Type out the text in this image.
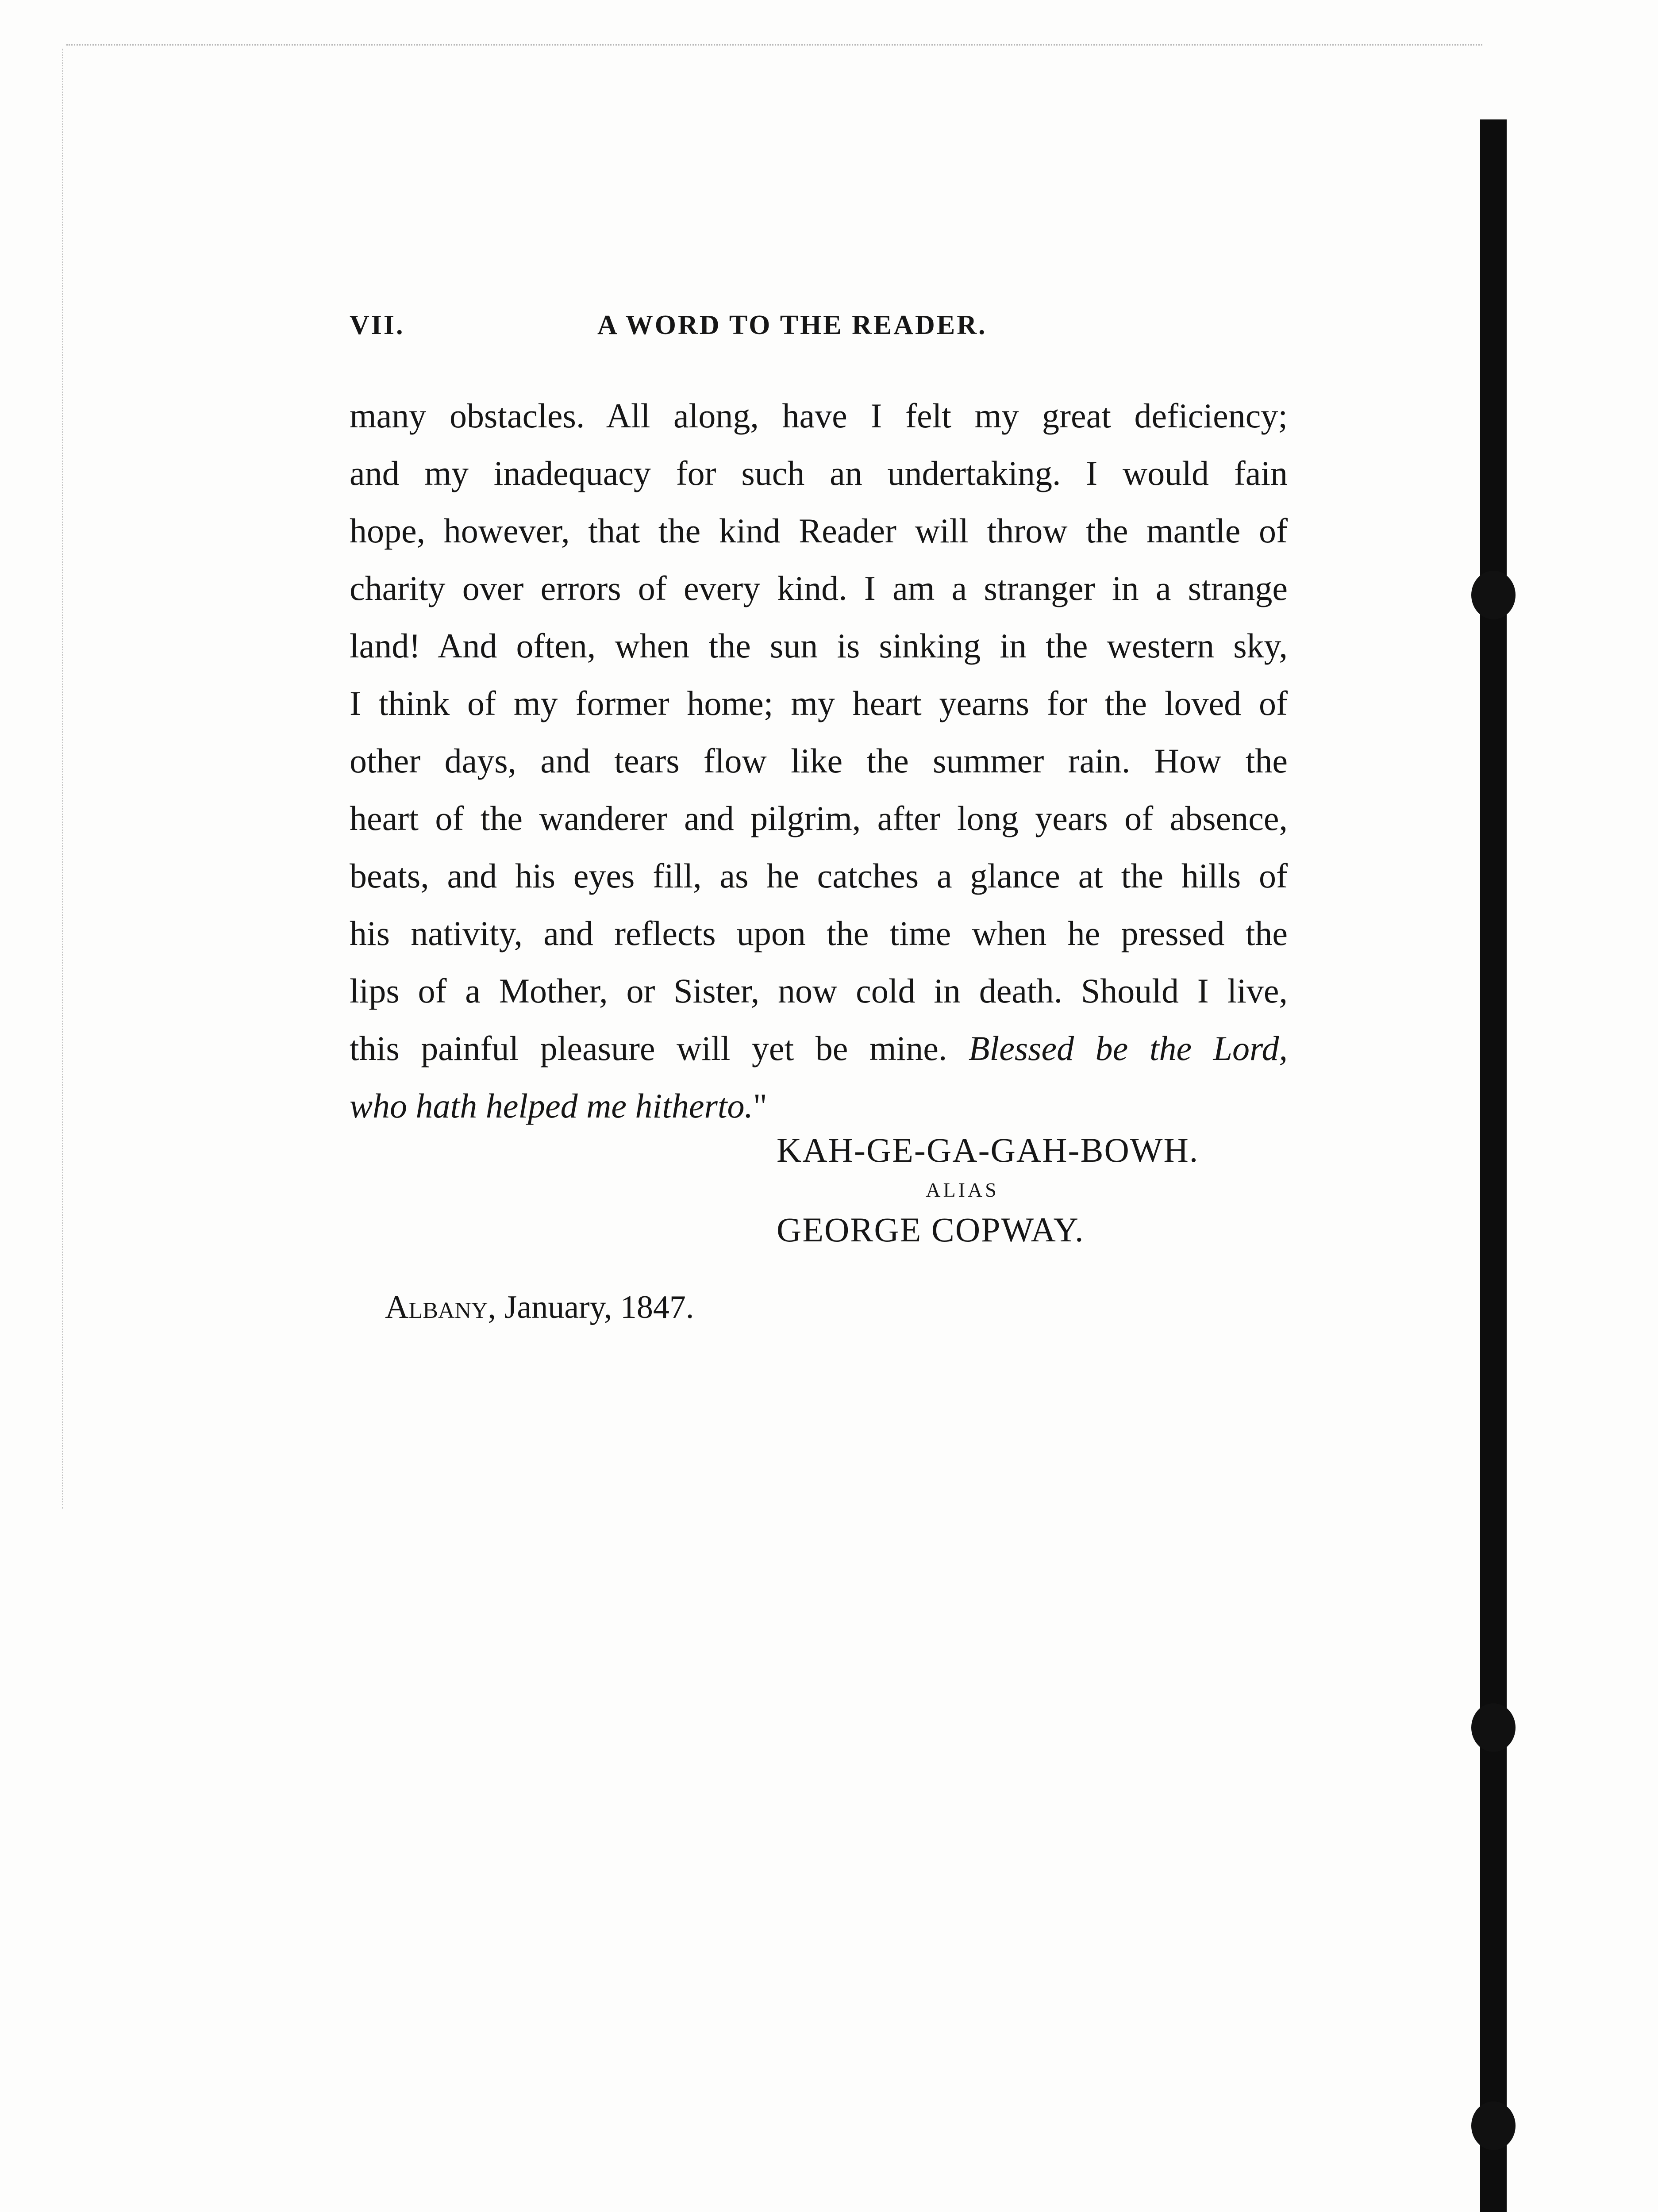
VII.	A WORD TO THE READER.
many obstacles. All along, have I felt my great deficiency;
and my inadequacy for such an undertaking. I would fain
hope, however, that the kind Reader will throw the mantle of
charity over errors of every kind. I am a stranger in a strange
land! And often, when the sun is sinking in the western sky,
I think of my former home; my heart yearns for the loved of
other days, and tears flow like the summer rain. How the
heart of the wanderer and pilgrim, after long years of absence,
beats, and his eyes fill, as he catches a glance at the hills of
his nativity, and reflects upon the time when he pressed the
lips of a Mother, or Sister, now cold in death. Should I live,
this painful pleasure will yet be mine. Blessed be the Lord,
who hath helped me hitherto."
KAH-GE-GA-GAH-BOWH.
ALIAS
GEORGE COPWAY.
Albany, January, 1847.
